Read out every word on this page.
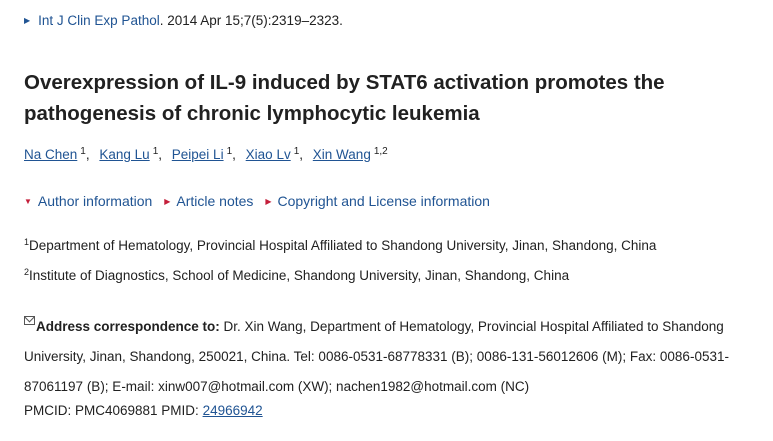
▶ Int J Clin Exp Pathol. 2014 Apr 15;7(5):2319–2323.
Overexpression of IL-9 induced by STAT6 activation promotes the pathogenesis of chronic lymphocytic leukemia
Na Chen $^1$, Kang Lu $^1$, Peipei Li $^1$, Xiao Lv $^1$, Xin Wang $^{1,2}$
▼ Author information ▶ Article notes ▶ Copyright and License information
$^1$Department of Hematology, Provincial Hospital Affiliated to Shandong University, Jinan, Shandong, China
$^2$Institute of Diagnostics, School of Medicine, Shandong University, Jinan, Shandong, China
Address correspondence to: Dr. Xin Wang, Department of Hematology, Provincial Hospital Affiliated to Shandong University, Jinan, Shandong, 250021, China. Tel: 0086-0531-68778331 (B); 0086-131-56012606 (M); Fax: 0086-0531-87061197 (B); E-mail: xinw007@hotmail.com (XW); nachen1982@hotmail.com (NC)
PMCID: PMC4069881 PMID: 24966942
